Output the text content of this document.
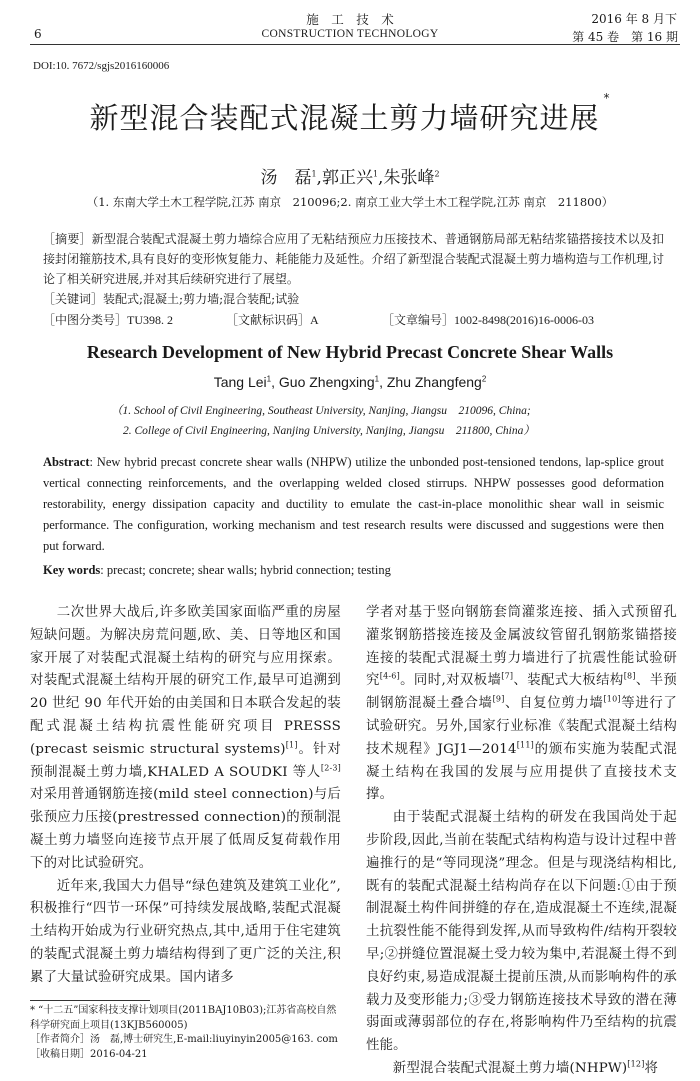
6
施　工　技　术
CONSTRUCTION TECHNOLOGY
2016 年 8 月下
第 45 卷　第 16 期
DOI:10. 7672/sgjs2016160006
新型混合装配式混凝土剪力墙研究进展*
汤　磊$^1$,郭正兴$^1$,朱张峰$^2$
（1. 东南大学土木工程学院,江苏 南京　210096;2. 南京工业大学土木工程学院,江苏 南京　211800）
［摘要］新型混合装配式混凝土剪力墙综合应用了无粘结预应力压接技术、普通钢筋局部无粘结浆锚搭接技术以及扣接封闭箍筋技术,具有良好的变形恢复能力、耗能能力及延性。介绍了新型混合装配式混凝土剪力墙构造与工作机理,讨论了相关研究进展,并对其后续研究进行了展望。
［关键词］装配式;混凝土;剪力墙;混合装配;试验
［中图分类号］TU398. 2	［文献标识码］A	［文章编号］1002-8498(2016)16-0006-03
Research Development of New Hybrid Precast Concrete Shear Walls
Tang Lei$^1$, Guo Zhengxing$^1$, Zhu Zhangfeng$^2$
（1. School of Civil Engineering, Southeast University, Nanjing, Jiangsu　210096, China;
2. College of Civil Engineering, Nanjing University, Nanjing, Jiangsu　211800, China）
Abstract: New hybrid precast concrete shear walls (NHPW) utilize the unbonded post-tensioned tendons, lap-splice grout vertical connecting reinforcements, and the overlapping welded closed stirrups. NHPW possesses good deformation restorability, energy dissipation capacity and ductility to emulate the cast-in-place monolithic shear wall in seismic performance. The configuration, working mechanism and test research results were discussed and suggestions were then put forward.
Key words: precast; concrete; shear walls; hybrid connection; testing

二次世界大战后,许多欧美国家面临严重的房屋短缺问题。为解决房荒问题,欧、美、日等地区和国家开展了对装配式混凝土结构的研究与应用探索。对装配式混凝土结构开展的研究工作,最早可追溯到 20 世纪 90 年代开始的由美国和日本联合发起的装配式混凝土结构抗震性能研究项目 PRESSS (precast seismic structural systems)[1]。针对预制混凝土剪力墙,KHALED A SOUDKI 等人[2-3]对采用普通钢筋连接(mild steel connection)与后张预应力压接(prestressed connection)的预制混凝土剪力墙竖向连接节点开展了低周反复荷载作用下的对比试验研究。

近年来,我国大力倡导“绿色建筑及建筑工业化”,积极推行“四节一环保”可持续发展战略,装配式混凝土结构开始成为行业研究热点,其中,适用于住宅建筑的装配式混凝土剪力墙结构得到了更广泛的关注,积累了大量试验研究成果。国内诸多

* “十二五”国家科技支撑计划项目(2011BAJ10B03);江苏省高校自然科学研究面上项目(13KJB560005)
［作者简介］汤　磊,博士研究生,E-mail:liuyinyin2005@163. com
［收稿日期］2016-04-21

学者对基于竖向钢筋套筒灌浆连接、插入式预留孔灌浆钢筋搭接连接及金属波纹管留孔钢筋浆锚搭接连接的装配式混凝土剪力墙进行了抗震性能试验研究[4-6]。同时,对双板墙[7]、装配式大板结构[8]、半预制钢筋混凝土叠合墙[9]、自复位剪力墙[10]等进行了试验研究。另外,国家行业标准《装配式混凝土结构技术规程》JGJ1—2014[11]的颁布实施为装配式混凝土结构在我国的发展与应用提供了直接技术支撑。

由于装配式混凝土结构的研发在我国尚处于起步阶段,因此,当前在装配式结构构造与设计过程中普遍推行的是“等同现浇”理念。但是与现浇结构相比,既有的装配式混凝土结构尚存在以下问题:①由于预制混凝土构件间拼缝的存在,造成混凝土不连续,混凝土抗裂性能不能得到发挥,从而导致构件/结构开裂较早;②拼缝位置混凝土受力较为集中,若混凝土得不到良好约束,易造成混凝土提前压溃,从而影响构件的承载力及变形能力;③受力钢筋连接技术导致的潜在薄弱面或薄弱部位的存在,将影响构件乃至结构的抗震性能。

新型混合装配式混凝土剪力墙(NHPW)[12]将
